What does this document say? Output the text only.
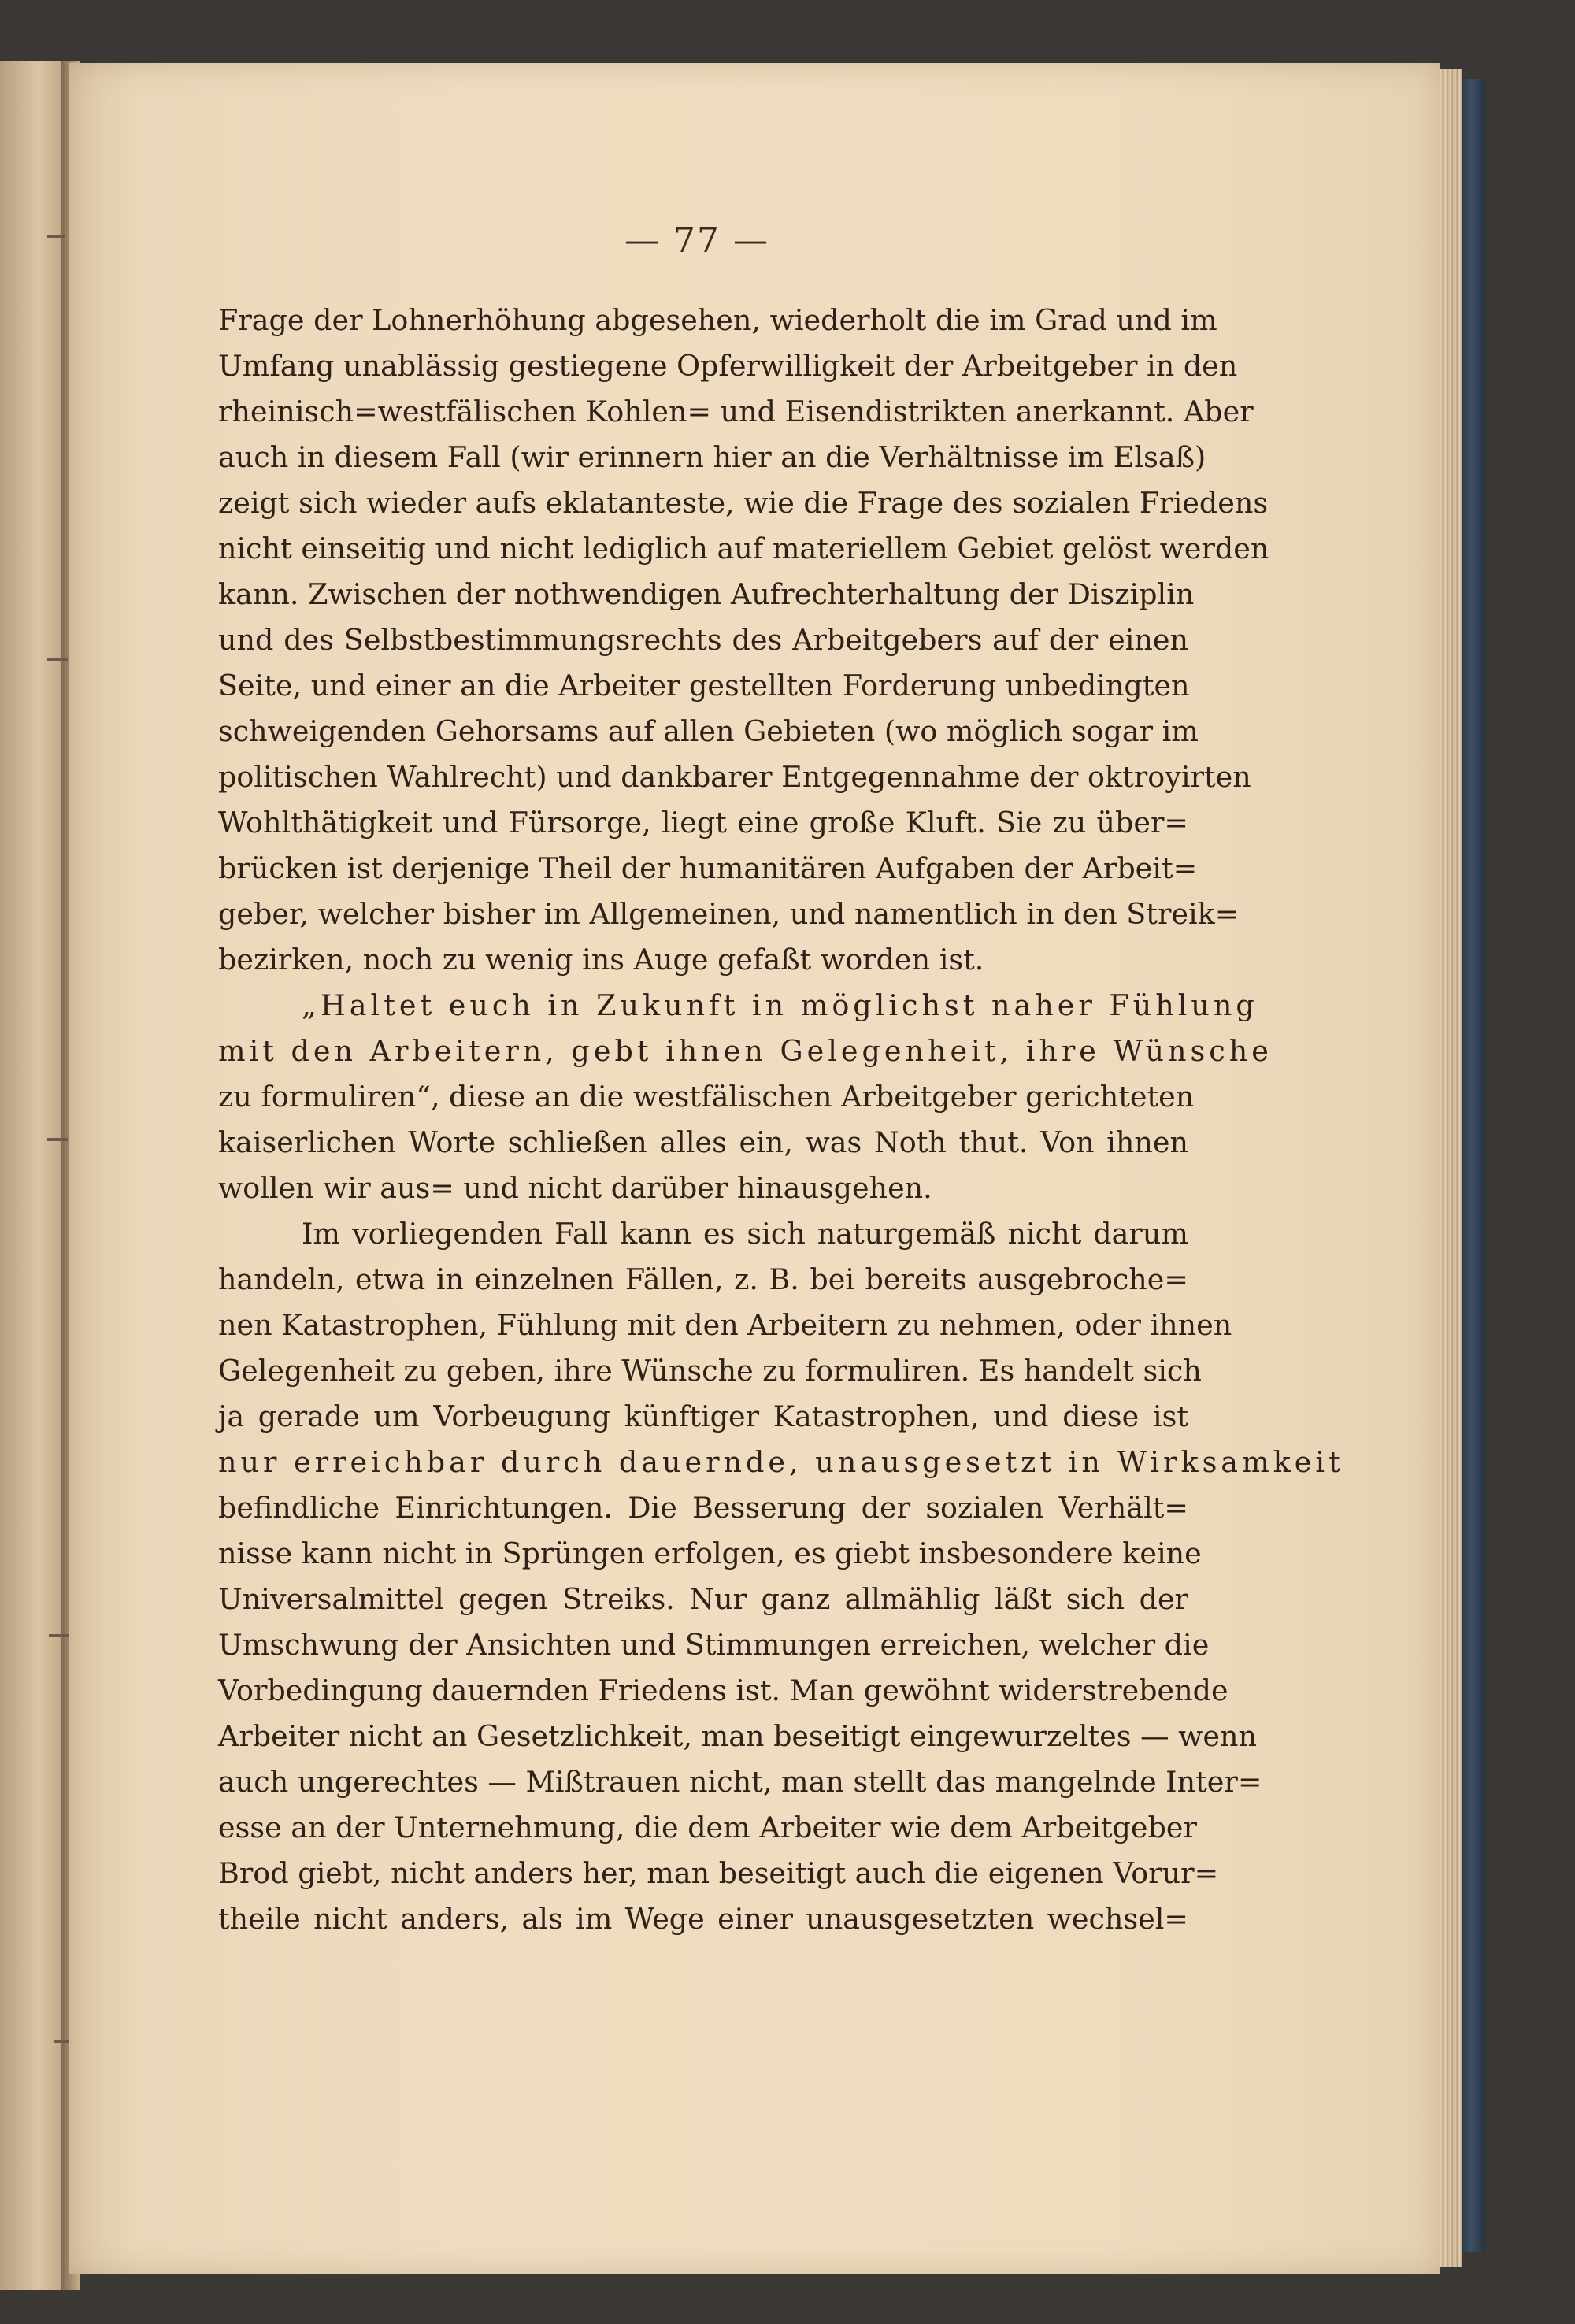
— 77 —
Frage der Lohnerhöhung abgesehen, wiederholt die im Grad und im
Umfang unablässig gestiegene Opferwilligkeit der Arbeitgeber in den
rheinisch=westfälischen Kohlen= und Eisendistrikten anerkannt. Aber
auch in diesem Fall (wir erinnern hier an die Verhältnisse im Elsaß)
zeigt sich wieder aufs eklatanteste, wie die Frage des sozialen Friedens
nicht einseitig und nicht lediglich auf materiellem Gebiet gelöst werden
kann. Zwischen der nothwendigen Aufrechterhaltung der Disziplin
und des Selbstbestimmungsrechts des Arbeitgebers auf der einen
Seite, und einer an die Arbeiter gestellten Forderung unbedingten
schweigenden Gehorsams auf allen Gebieten (wo möglich sogar im
politischen Wahlrecht) und dankbarer Entgegennahme der oktroyirten
Wohlthätigkeit und Fürsorge, liegt eine große Kluft. Sie zu über=
brücken ist derjenige Theil der humanitären Aufgaben der Arbeit=
geber, welcher bisher im Allgemeinen, und namentlich in den Streik=
bezirken, noch zu wenig ins Auge gefaßt worden ist.
„Haltet euch in Zukunft in möglichst naher Fühlung
mit den Arbeitern, gebt ihnen Gelegenheit, ihre Wünsche
zu formuliren“, diese an die westfälischen Arbeitgeber gerichteten
kaiserlichen Worte schließen alles ein, was Noth thut. Von ihnen
wollen wir aus= und nicht darüber hinausgehen.
Im vorliegenden Fall kann es sich naturgemäß nicht darum
handeln, etwa in einzelnen Fällen, z. B. bei bereits ausgebroche=
nen Katastrophen, Fühlung mit den Arbeitern zu nehmen, oder ihnen
Gelegenheit zu geben, ihre Wünsche zu formuliren. Es handelt sich
ja gerade um Vorbeugung künftiger Katastrophen, und diese ist
nur erreichbar durch dauernde, unausgesetzt in Wirksamkeit
befindliche Einrichtungen. Die Besserung der sozialen Verhält=
nisse kann nicht in Sprüngen erfolgen, es giebt insbesondere keine
Universalmittel gegen Streiks. Nur ganz allmählig läßt sich der
Umschwung der Ansichten und Stimmungen erreichen, welcher die
Vorbedingung dauernden Friedens ist. Man gewöhnt widerstrebende
Arbeiter nicht an Gesetzlichkeit, man beseitigt eingewurzeltes — wenn
auch ungerechtes — Mißtrauen nicht, man stellt das mangelnde Inter=
esse an der Unternehmung, die dem Arbeiter wie dem Arbeitgeber
Brod giebt, nicht anders her, man beseitigt auch die eigenen Vorur=
theile nicht anders, als im Wege einer unausgesetzten wechsel=
